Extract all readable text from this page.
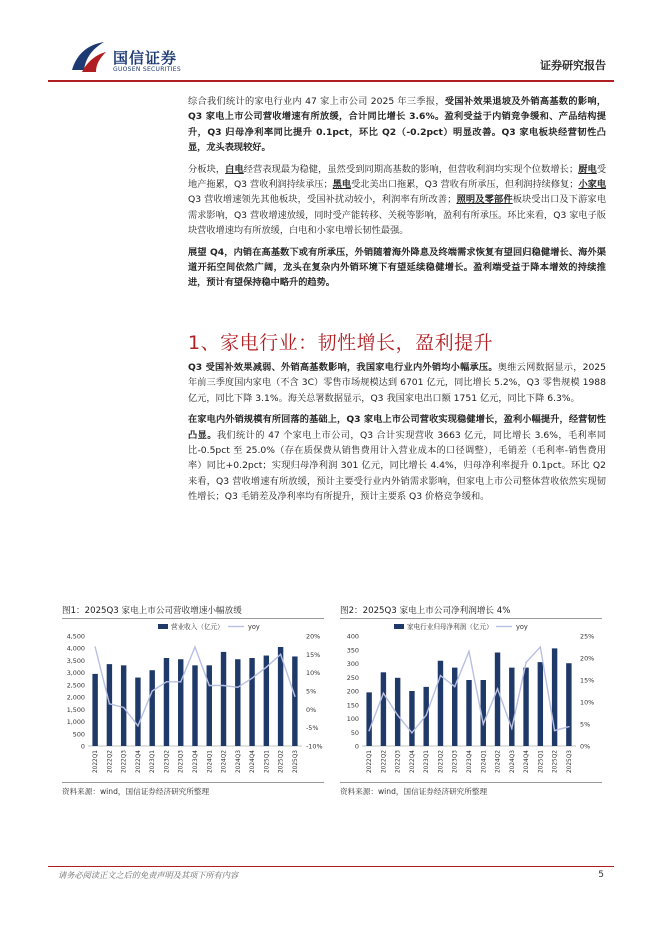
国信证券
GUOSEN SECURITIES	证券研究报告

综合我们统计的家电行业内 47 家上市公司 2025 年三季报，受国补效果退坡及外销高基数的影响，Q3 家电上市公司营收增速有所放缓，合计同比增长 3.6%。盈利受益于内销竞争缓和、产品结构提升，Q3 归母净利率同比提升 0.1pct，环比 Q2（-0.2pct）明显改善。Q3 家电板块经营韧性凸显，龙头表现较好。

分板块，白电经营表现最为稳健，虽然受到同期高基数的影响，但营收利润均实现个位数增长；厨电受地产拖累，Q3 营收利润持续承压；黑电受北美出口拖累，Q3 营收有所承压，但利润持续修复；小家电 Q3 营收增速领先其他板块，受国补扰动较小，利润率有所改善；照明及零部件板块受出口及下游家电需求影响，Q3 营收增速放缓，同时受产能转移、关税等影响，盈利有所承压。环比来看，Q3 家电子版块营收增速均有所放缓，白电和小家电增长韧性最强。

展望 Q4，内销在高基数下或有所承压，外销随着海外降息及终端需求恢复有望回归稳健增长、海外渠道开拓空间依然广阔，龙头在复杂内外销环境下有望延续稳健增长。盈利端受益于降本增效的持续推进，预计有望保持稳中略升的趋势。

1、家电行业：韧性增长，盈利提升

Q3 受国补效果减弱、外销高基数影响，我国家电行业内外销均小幅承压。奥维云网数据显示，2025 年前三季度国内家电（不含 3C）零售市场规模达到 6701 亿元，同比增长 5.2%，Q3 零售规模 1988 亿元，同比下降 3.1%。海关总署数据显示，Q3 我国家电出口额 1751 亿元，同比下降 6.3%。

在家电内外销规模有所回落的基础上，Q3 家电上市公司营收实现稳健增长，盈利小幅提升，经营韧性凸显。我们统计的 47 个家电上市公司，Q3 合计实现营收 3663 亿元，同比增长 3.6%，毛利率同比-0.5pct 至 25.0%（存在质保费从销售费用计入营业成本的口径调整），毛销差（毛利率-销售费用率）同比+0.2pct；实现归母净利润 301 亿元，同比增长 4.4%，归母净利率提升 0.1pct。环比 Q2 来看，Q3 营收增速有所放缓，预计主要受行业内外销需求影响，但家电上市公司整体营收依然实现韧性增长；Q3 毛销差及净利率均有所提升，预计主要系 Q3 价格竞争缓和。

图1：2025Q3 家电上市公司营收增速小幅放缓	图2：2025Q3 家电上市公司净利润增长 4%
0
500
1,000
1,500
2,000
2,500
3,000
3,500
4,000
4,500
-10%
-5%
0%
5%
10%
15%
20%
2022Q1 2022Q2 2022Q3 2022Q4 2023Q1 2023Q2 2023Q3 2023Q4 2024Q1 2024Q2 2024Q3 2024Q4 2025Q1 2025Q2 2025Q3
营业收入（亿元）	yoy
0
50
100
150
200
250
300
350
400
0%
5%
10%
15%
20%
25%
2022Q1 2022Q2 2022Q3 2022Q4 2023Q1 2023Q2 2023Q3 2023Q4 2024Q1 2024Q2 2024Q3 2024Q4 2025Q1 2025Q2 2025Q3
家电行业归母净利润（亿元）	yoy
资料来源：wind，国信证券经济研究所整理	资料来源：wind，国信证券经济研究所整理
请务必阅读正文之后的免责声明及其项下所有内容	5
